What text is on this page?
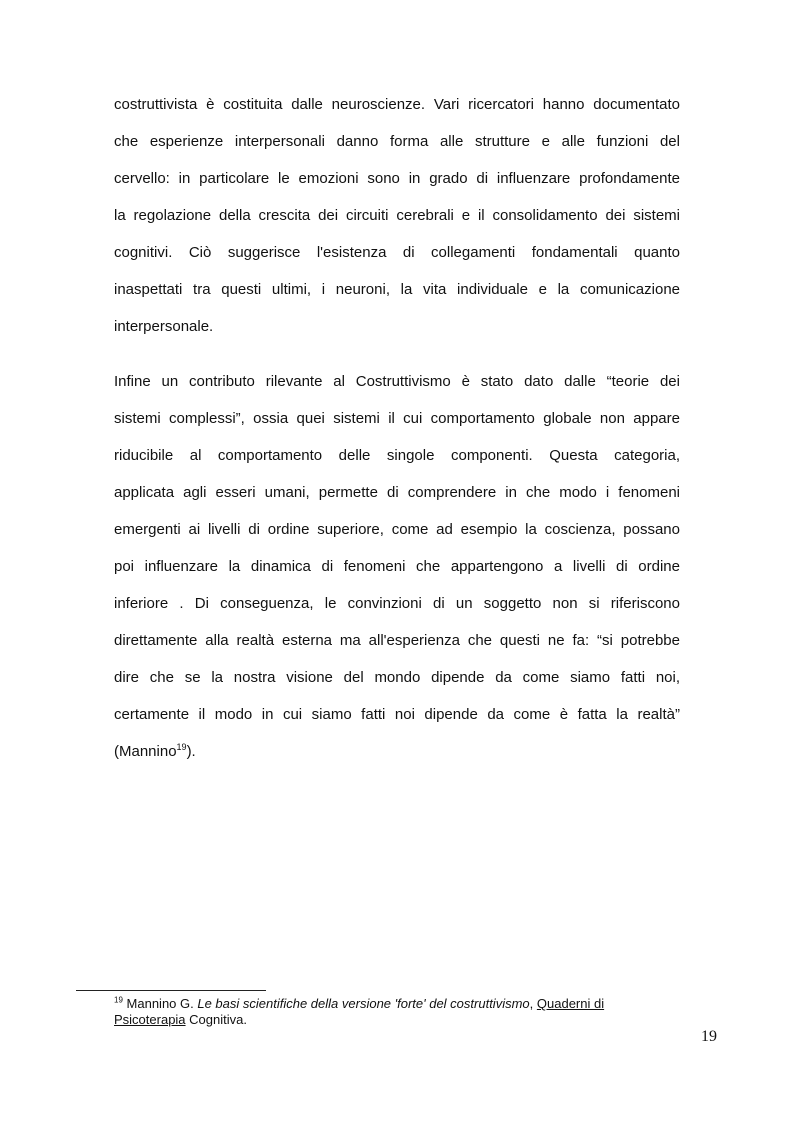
costruttivista è costituita dalle neuroscienze. Vari ricercatori hanno documentato
che esperienze interpersonali danno forma alle strutture e alle funzioni del
cervello: in particolare le emozioni sono in grado di influenzare profondamente
la regolazione della crescita dei circuiti cerebrali e il consolidamento dei sistemi
cognitivi. Ciò suggerisce l'esistenza di collegamenti fondamentali quanto
inaspettati tra questi ultimi, i neuroni, la vita individuale e la comunicazione
interpersonale.

Infine un contributo rilevante al Costruttivismo è stato dato dalle “teorie dei
sistemi complessi”, ossia quei sistemi il cui comportamento globale non appare
riducibile al comportamento delle singole componenti. Questa categoria,
applicata agli esseri umani, permette di comprendere in che modo i fenomeni
emergenti ai livelli di ordine superiore, come ad esempio la coscienza, possano
poi influenzare la dinamica di fenomeni che appartengono a livelli di ordine
inferiore . Di conseguenza, le convinzioni di un soggetto non si riferiscono
direttamente alla realtà esterna ma all'esperienza che questi ne fa: “si potrebbe
dire che se la nostra visione del mondo dipende da come siamo fatti noi,
certamente il modo in cui siamo fatti noi dipende da come è fatta la realtà”
(Mannino$^{19}$).

$^{19}$ Mannino G. Le basi scientifiche della versione 'forte' del costruttivismo, Quaderni di
Psicoterapia Cognitiva.
19
